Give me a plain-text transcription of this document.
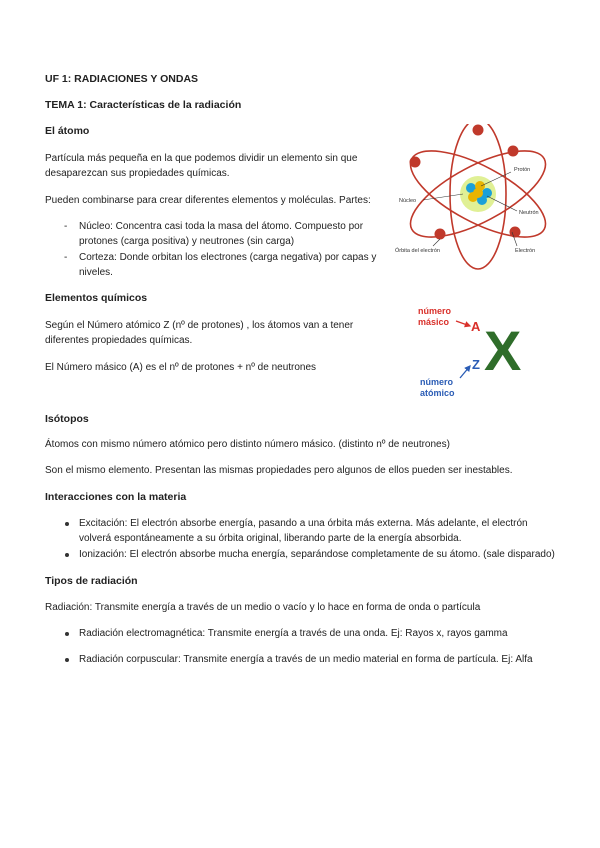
UF 1: RADIACIONES Y ONDAS
TEMA 1: Características de la radiación
El átomo
Partícula más pequeña en la que podemos dividir un elemento sin que desaparezcan sus propiedades químicas.
Pueden combinarse para crear diferentes elementos y moléculas. Partes:
- Núcleo: Concentra casi toda la masa del átomo. Compuesto por protones (carga positiva) y neutrones (sin carga)
- Corteza: Donde orbitan los electrones (carga negativa) por capas y niveles.
Protón
Núcleo
Neutrón
Electrón
Órbita del electrón
Elementos químicos
Según el Número atómico Z (nº de protones) , los átomos van a tener diferentes propiedades químicas.
El Número másico (A) es el nº de protones + nº de neutrones
número
másico A X
Z
número
atómico
Isótopos
Átomos con mismo número atómico pero distinto número másico. (distinto nº de neutrones)
Son el mismo elemento. Presentan las mismas propiedades pero algunos de ellos pueden ser inestables.
Interacciones con la materia
Excitación: El electrón absorbe energía, pasando a una órbita más externa. Más adelante, el electrón
volverá espontáneamente a su órbita original, liberando parte de la energía absorbida.
Ionización: El electrón absorbe mucha energía, separándose completamente de su átomo. (sale disparado)
Tipos de radiación
Radiación: Transmite energía a través de un medio o vacío y lo hace en forma de onda o partícula
Radiación electromagnética: Transmite energía a través de una onda. Ej: Rayos x, rayos gamma
Radiación corpuscular: Transmite energía a través de un medio material en forma de partícula. Ej: Alfa
